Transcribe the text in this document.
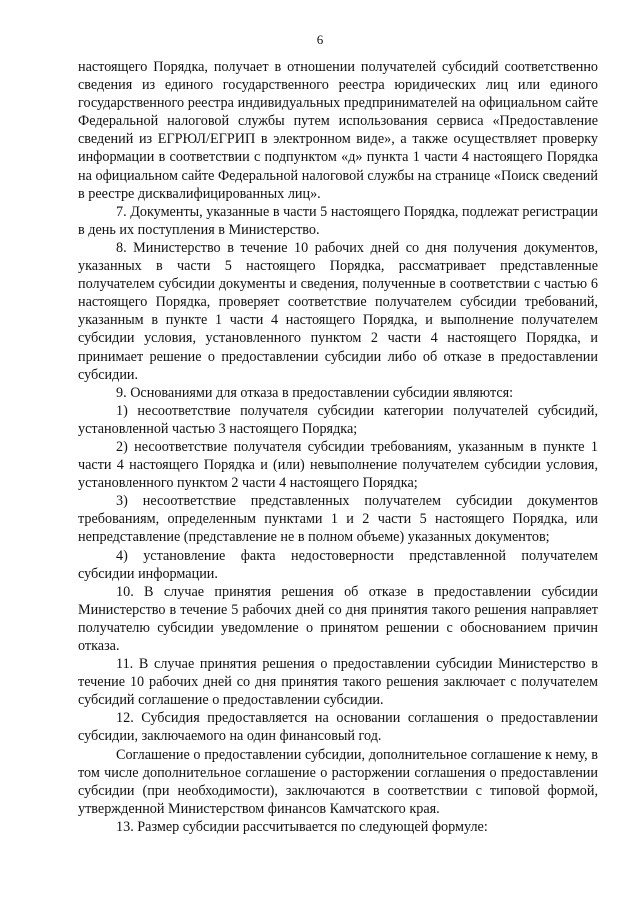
6

настоящего Порядка, получает в отношении получателей субсидий соответственно сведения из единого государственного реестра юридических лиц или единого государственного реестра индивидуальных предпринимателей на официальном сайте Федеральной налоговой службы путем использования сервиса «Предоставление сведений из ЕГРЮЛ/ЕГРИП в электронном виде», а также осуществляет проверку информации в соответствии с подпунктом «д» пункта 1 части 4 настоящего Порядка на официальном сайте Федеральной налоговой службы на странице «Поиск сведений в реестре дисквалифицированных лиц».

7. Документы, указанные в части 5 настоящего Порядка, подлежат регистрации в день их поступления в Министерство.

8. Министерство в течение 10 рабочих дней со дня получения документов, указанных в части 5 настоящего Порядка, рассматривает представленные получателем субсидии документы и сведения, полученные в соответствии с частью 6 настоящего Порядка, проверяет соответствие получателем субсидии требований, указанным в пункте 1 части 4 настоящего Порядка, и выполнение получателем субсидии условия, установленного пунктом 2 части 4 настоящего Порядка, и принимает решение о предоставлении субсидии либо об отказе в предоставлении субсидии.

9. Основаниями для отказа в предоставлении субсидии являются:

1) несоответствие получателя субсидии категории получателей субсидий, установленной частью 3 настоящего Порядка;

2) несоответствие получателя субсидии требованиям, указанным в пункте 1 части 4 настоящего Порядка и (или) невыполнение получателем субсидии условия, установленного пунктом 2 части 4 настоящего Порядка;

3) несоответствие представленных получателем субсидии документов требованиям, определенным пунктами 1 и 2 части 5 настоящего Порядка, или непредставление (представление не в полном объеме) указанных документов;

4) установление факта недостоверности представленной получателем субсидии информации.

10. В случае принятия решения об отказе в предоставлении субсидии Министерство в течение 5 рабочих дней со дня принятия такого решения направляет получателю субсидии уведомление о принятом решении с обоснованием причин отказа.

11. В случае принятия решения о предоставлении субсидии Министерство в течение 10 рабочих дней со дня принятия такого решения заключает с получателем субсидий соглашение о предоставлении субсидии.

12. Субсидия предоставляется на основании соглашения о предоставлении субсидии, заключаемого на один финансовый год.

Соглашение о предоставлении субсидии, дополнительное соглашение к нему, в том числе дополнительное соглашение о расторжении соглашения о предоставлении субсидии (при необходимости), заключаются в соответствии с типовой формой, утвержденной Министерством финансов Камчатского края.

13. Размер субсидии рассчитывается по следующей формуле:
